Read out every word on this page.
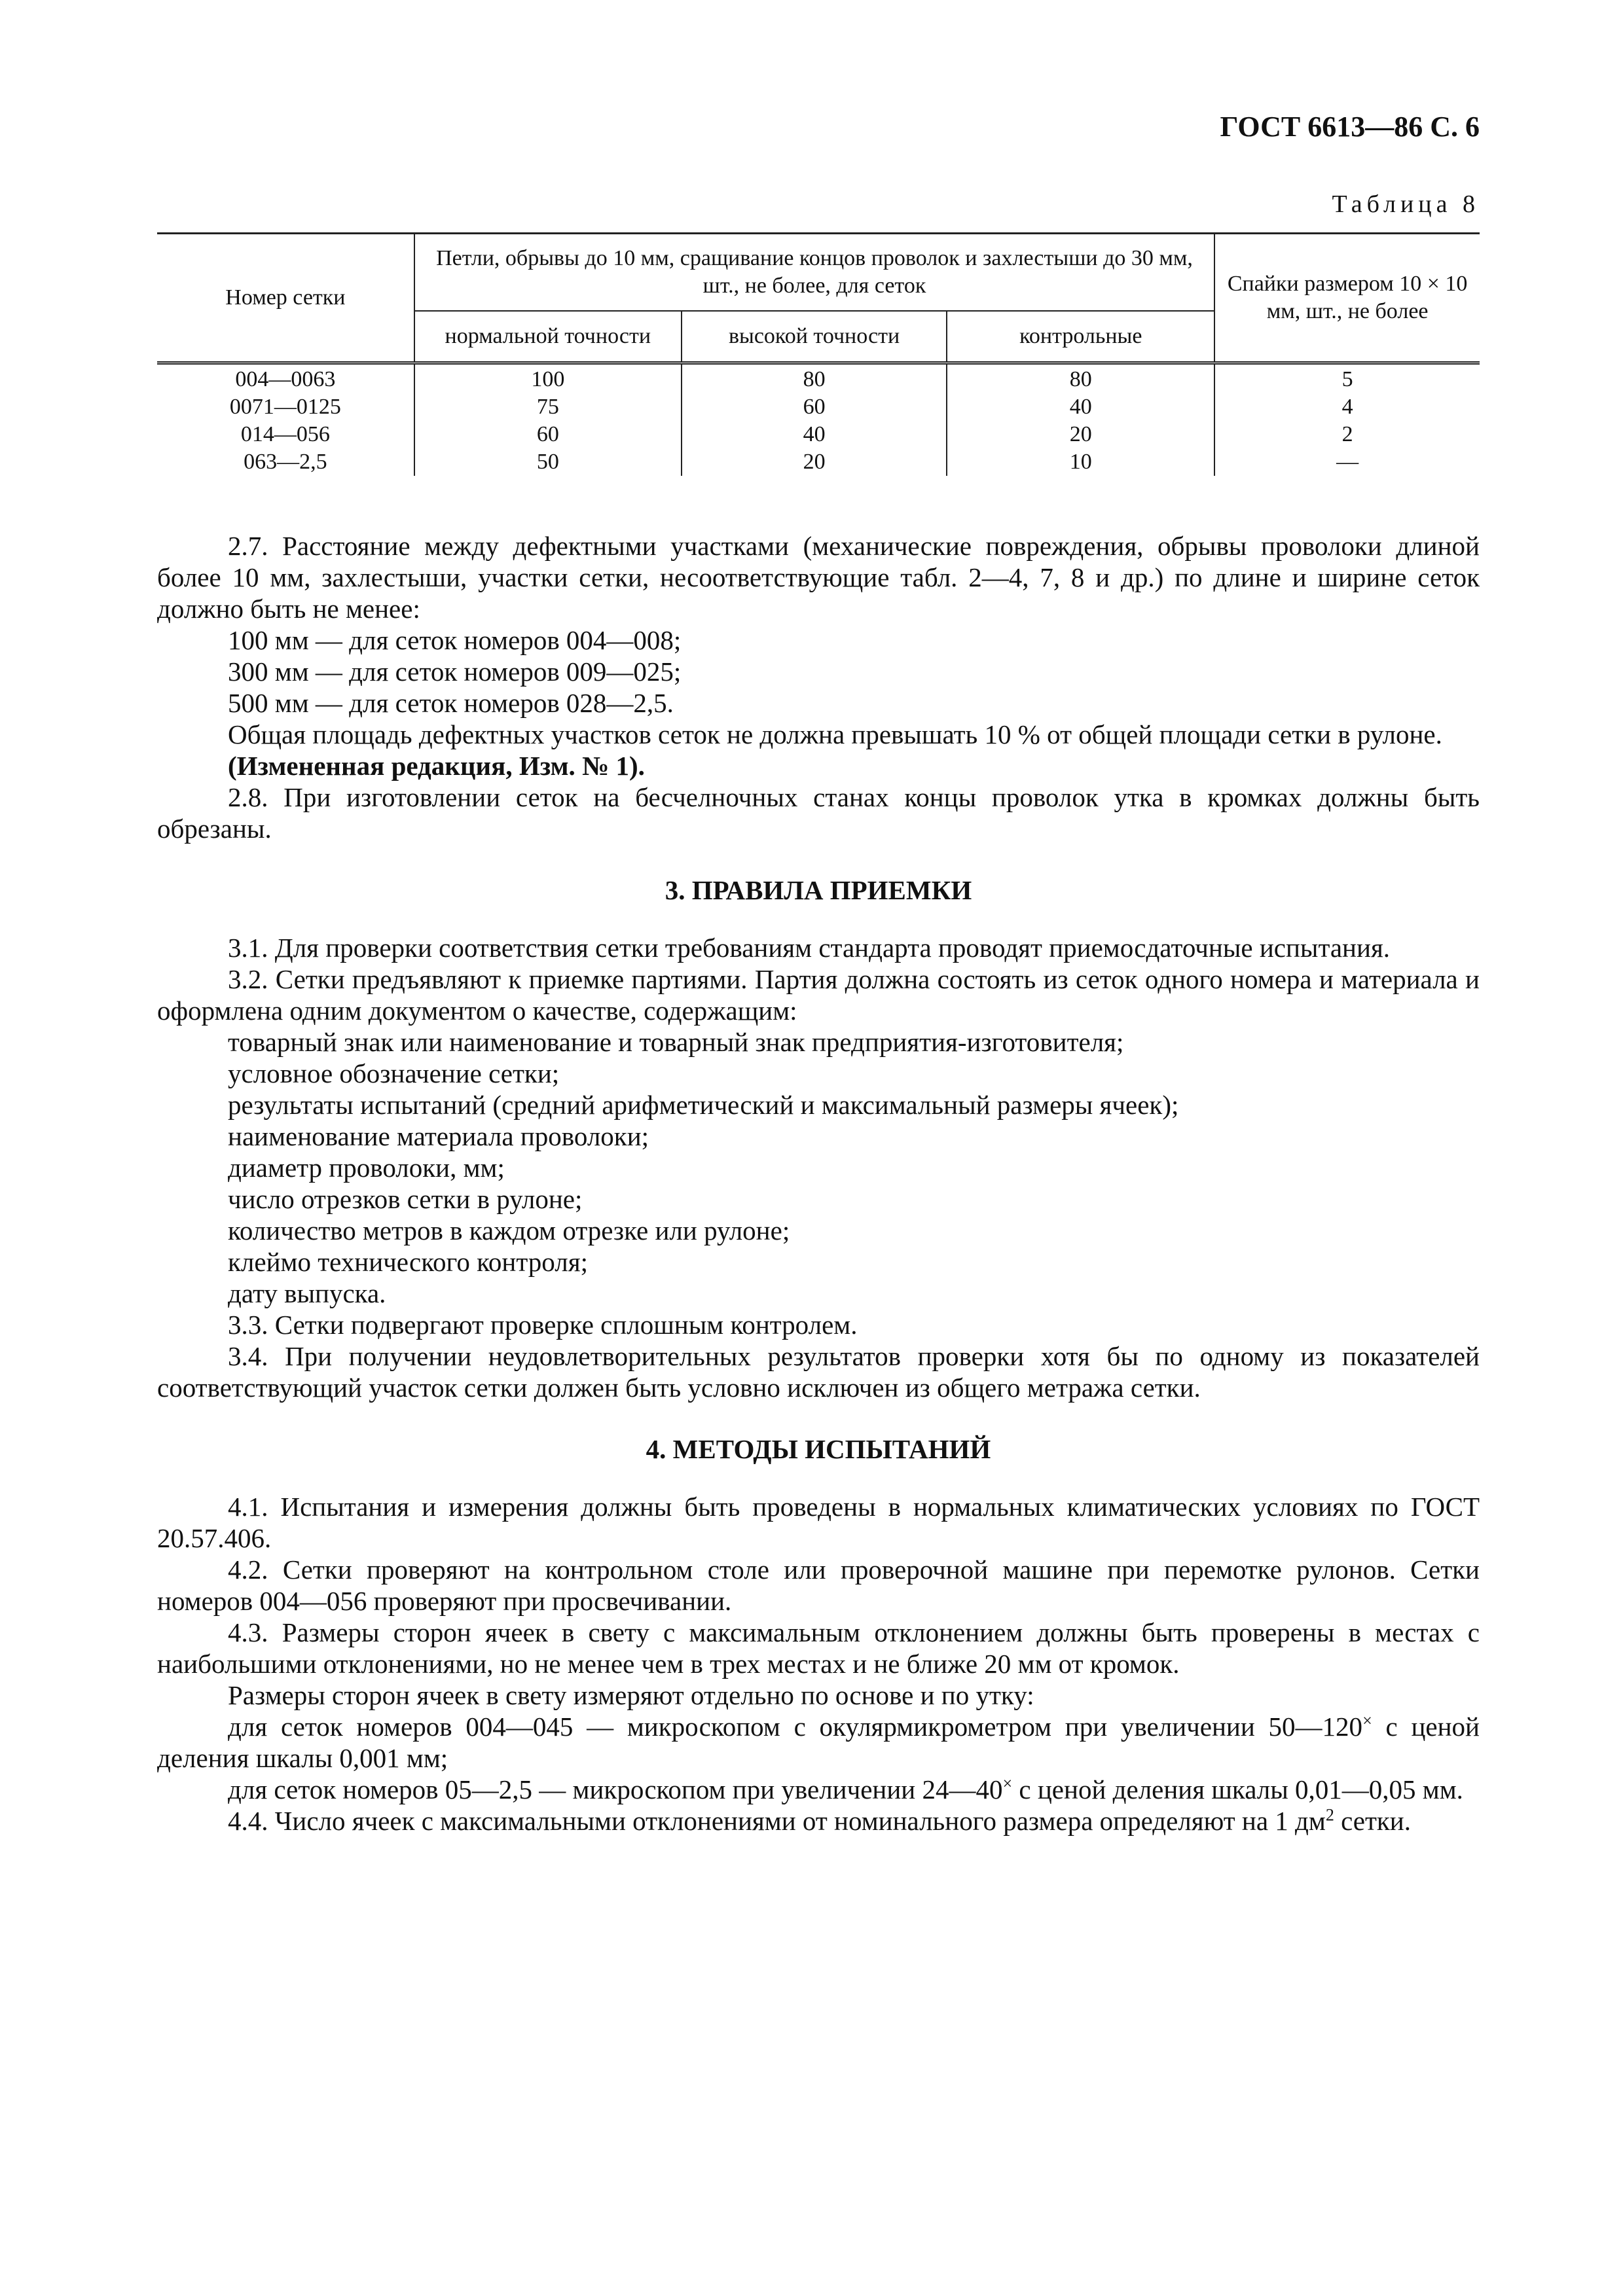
ГОСТ 6613—86 С. 6
Таблица 8
Номер сетки	Петли, обрывы до 10 мм, сращивание концов проволок и захлестыши до 30 мм, шт., не более, для сеток			Спайки размером 10 × 10 мм, шт., не более
	нормальной точности	высокой точности	контрольные	
004—0063	100	80	80	5
0071—0125	75	60	40	4
014—056	60	40	20	2
063—2,5	50	20	10	—

2.7. Расстояние между дефектными участками (механические повреждения, обрывы проволоки длиной более 10 мм, захлестыши, участки сетки, несоответствующие табл. 2—4, 7, 8 и др.) по длине и ширине сеток должно быть не менее:

100 мм — для сеток номеров 004—008;

300 мм — для сеток номеров 009—025;

500 мм — для сеток номеров 028—2,5.

Общая площадь дефектных участков сеток не должна превышать 10 % от общей площади сетки в рулоне.

(Измененная редакция, Изм. № 1).

2.8. При изготовлении сеток на бесчелночных станах концы проволок утка в кромках должны быть обрезаны.

3. ПРАВИЛА ПРИЕМКИ

3.1. Для проверки соответствия сетки требованиям стандарта проводят приемосдаточные испытания.

3.2. Сетки предъявляют к приемке партиями. Партия должна состоять из сеток одного номера и материала и оформлена одним документом о качестве, содержащим:

товарный знак или наименование и товарный знак предприятия-изготовителя;

условное обозначение сетки;

результаты испытаний (средний арифметический и максимальный размеры ячеек);

наименование материала проволоки;

диаметр проволоки, мм;

число отрезков сетки в рулоне;

количество метров в каждом отрезке или рулоне;

клеймо технического контроля;

дату выпуска.

3.3. Сетки подвергают проверке сплошным контролем.

3.4. При получении неудовлетворительных результатов проверки хотя бы по одному из показателей соответствующий участок сетки должен быть условно исключен из общего метража сетки.

4. МЕТОДЫ ИСПЫТАНИЙ

4.1. Испытания и измерения должны быть проведены в нормальных климатических условиях по ГОСТ 20.57.406.

4.2. Сетки проверяют на контрольном столе или проверочной машине при перемотке рулонов. Сетки номеров 004—056 проверяют при просвечивании.

4.3. Размеры сторон ячеек в свету с максимальным отклонением должны быть проверены в местах с наибольшими отклонениями, но не менее чем в трех местах и не ближе 20 мм от кромок.

Размеры сторон ячеек в свету измеряют отдельно по основе и по утку:

для сеток номеров 004—045 — микроскопом с окулярмикрометром при увеличении 50—120× с ценой деления шкалы 0,001 мм;

для сеток номеров 05—2,5 — микроскопом при увеличении 24—40× с ценой деления шкалы 0,01—0,05 мм.

4.4. Число ячеек с максимальными отклонениями от номинального размера определяют на 1 $дм^2$ сетки.
